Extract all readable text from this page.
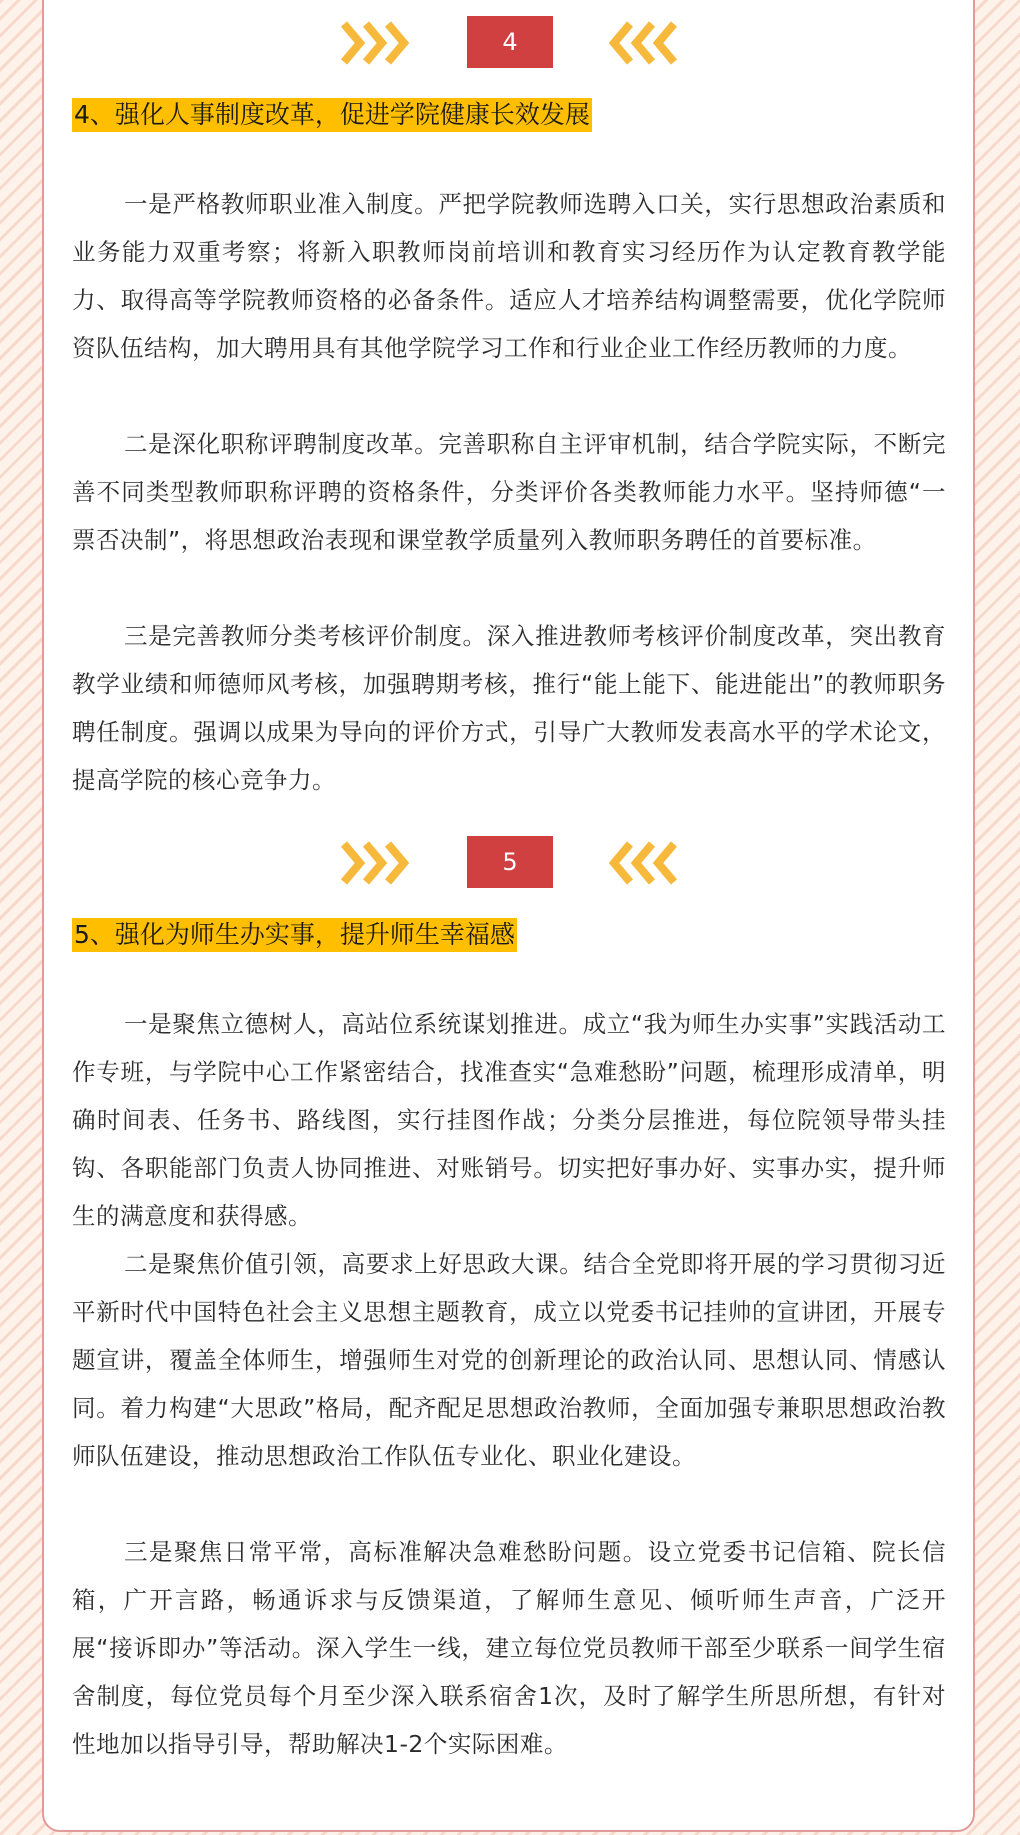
4
4、强化人事制度改革，促进学院健康长效发展

一是严格教师职业准入制度。严把学院教师选聘入口关，实行思想政治素质和业务能力双重考察；将新入职教师岗前培训和教育实习经历作为认定教育教学能力、取得高等学院教师资格的必备条件。适应人才培养结构调整需要，优化学院师资队伍结构，加大聘用具有其他学院学习工作和行业企业工作经历教师的力度。

二是深化职称评聘制度改革。完善职称自主评审机制，结合学院实际，不断完善不同类型教师职称评聘的资格条件，分类评价各类教师能力水平。坚持师德“一票否决制”，将思想政治表现和课堂教学质量列入教师职务聘任的首要标准。

三是完善教师分类考核评价制度。深入推进教师考核评价制度改革，突出教育教学业绩和师德师风考核，加强聘期考核，推行“能上能下、能进能出”的教师职务聘任制度。强调以成果为导向的评价方式，引导广大教师发表高水平的学术论文，提高学院的核心竞争力。

5
5、强化为师生办实事，提升师生幸福感

一是聚焦立德树人，高站位系统谋划推进。成立“我为师生办实事”实践活动工作专班，与学院中心工作紧密结合，找准查实“急难愁盼”问题，梳理形成清单，明确时间表、任务书、路线图，实行挂图作战；分类分层推进，每位院领导带头挂钩、各职能部门负责人协同推进、对账销号。切实把好事办好、实事办实，提升师生的满意度和获得感。

二是聚焦价值引领，高要求上好思政大课。结合全党即将开展的学习贯彻习近平新时代中国特色社会主义思想主题教育，成立以党委书记挂帅的宣讲团，开展专题宣讲，覆盖全体师生，增强师生对党的创新理论的政治认同、思想认同、情感认同。着力构建“大思政”格局，配齐配足思想政治教师，全面加强专兼职思想政治教师队伍建设，推动思想政治工作队伍专业化、职业化建设。

三是聚焦日常平常，高标准解决急难愁盼问题。设立党委书记信箱、院长信箱，广开言路，畅通诉求与反馈渠道，了解师生意见、倾听师生声音，广泛开展“接诉即办”等活动。深入学生一线，建立每位党员教师干部至少联系一间学生宿舍制度，每位党员每个月至少深入联系宿舍1次，及时了解学生所思所想，有针对性地加以指导引导，帮助解决1-2个实际困难。
